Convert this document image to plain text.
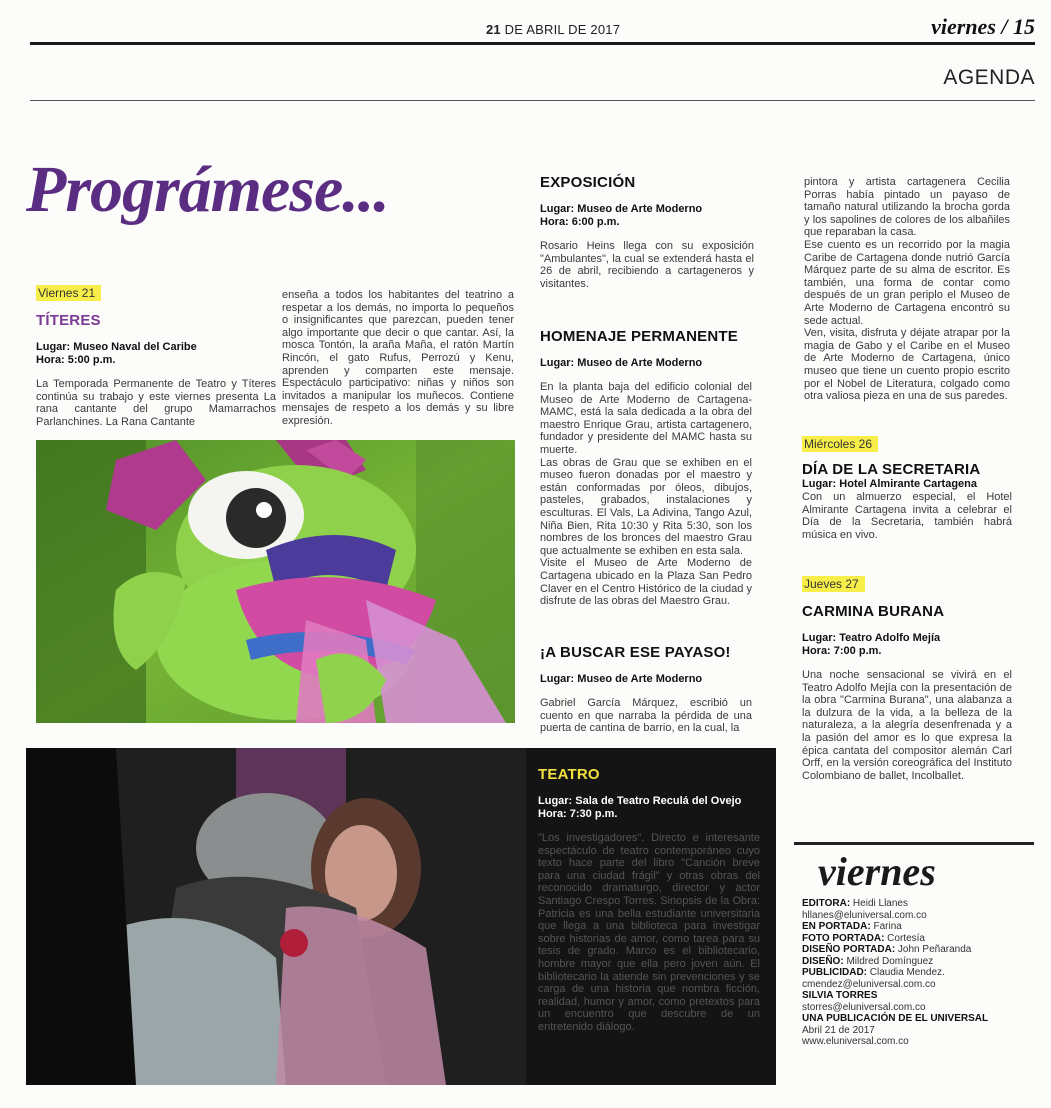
21 DE ABRIL DE 2017	viernes / 15
AGENDA
Prográmese...
Viernes 21
TÍTERES
Lugar: Museo Naval del Caribe
Hora: 5:00 p.m.
La Temporada Permanente de Teatro y Títeres continúa su trabajo y este viernes presenta La rana cantante del grupo Mamarrachos Parlanchines. La Rana Cantante
enseña a todos los habitantes del teatrino a respetar a los demás, no importa lo pequeños o insignificantes que parezcan, pueden tener algo importante que decir o que cantar. Así, la mosca Tontón, la araña Maña, el ratón Martín Rincón, el gato Rufus, Perrozú y Kenu, aprenden y comparten este mensaje. Espectáculo participativo: niñas y niños son invitados a manipular los muñecos. Contiene mensajes de respeto a los demás y su libre expresión.
EXPOSICIÓN
Lugar: Museo de Arte Moderno
Hora: 6:00 p.m.
Rosario Heins llega con su exposición "Ambulantes", la cual se extenderá hasta el 26 de abril, recibiendo a cartageneros y visitantes.
HOMENAJE PERMANENTE
Lugar: Museo de Arte Moderno
En la planta baja del edificio colonial del Museo de Arte Moderno de Cartagena-MAMC, está la sala dedicada a la obra del maestro Enrique Grau, artista cartagenero, fundador y presidente del MAMC hasta su muerte.
Las obras de Grau que se exhiben en el museo fueron donadas por el maestro y están conformadas por óleos, dibujos, pasteles, grabados, instalaciones y esculturas. El Vals, La Adivina, Tango Azul, Niña Bien, Rita 10:30 y Rita 5:30, son los nombres de los bronces del maestro Grau que actualmente se exhiben en esta sala.
Visite el Museo de Arte Moderno de Cartagena ubicado en la Plaza San Pedro Claver en el Centro Histórico de la ciudad y disfrute de las obras del Maestro Grau.
¡A BUSCAR ESE PAYASO!
Lugar: Museo de Arte Moderno
Gabriel García Márquez, escribió un cuento en que narraba la pérdida de una puerta de cantina de barrio, en la cual, la
pintora y artista cartagenera Cecilia Porras había pintado un payaso de tamaño natural utilizando la brocha gorda y los sapolines de colores de los albañiles que reparaban la casa.
Ese cuento es un recorrido por la magia Caribe de Cartagena donde nutrió García Márquez parte de su alma de escritor. Es también, una forma de contar como después de un gran periplo el Museo de Arte Moderno de Cartagena encontró su sede actual.
Ven, visita, disfruta y déjate atrapar por la magia de Gabo y el Caribe en el Museo de Arte Moderno de Cartagena, único museo que tiene un cuento propio escrito por el Nobel de Literatura, colgado como otra valiosa pieza en una de sus paredes.
Miércoles 26
DÍA DE LA SECRETARIA
Lugar: Hotel Almirante Cartagena
Con un almuerzo especial, el Hotel Almirante Cartagena invita a celebrar el Día de la Secretaria, también habrá música en vivo.
Jueves 27
CARMINA BURANA
Lugar: Teatro Adolfo Mejía
Hora: 7:00 p.m.
Una noche sensacional se vivirá en el Teatro Adolfo Mejía con la presentación de la obra "Carmina Burana", una alabanza a la dulzura de la vida, a la belleza de la naturaleza, a la alegría desenfrenada y a la pasión del amor es lo que expresa la épica cantata del compositor alemán Carl Orff, en la versión coreográfica del Instituto Colombiano de ballet, Incolballet.
TEATRO
Lugar: Sala de Teatro Reculá del Ovejo
Hora: 7:30 p.m.
"Los investigadores". Directo e interesante espectáculo de teatro contemporáneo cuyo texto hace parte del libro "Canción breve para una ciudad frágil" y otras obras del reconocido dramaturgo, director y actor Santiago Crespo Torres. Sinopsis de la Obra: Patricia es una bella estudiante universitaria que llega a una biblioteca para investigar sobre historias de amor, como tarea para su tesis de grado. Marco es el bibliotecario, hombre mayor que ella pero joven aún. El bibliotecario la atiende sin prevenciones y se carga de una historia que nombra ficción, realidad, humor y amor, como pretextos para un encuentro que descubre de un entretenido diálogo.
viernes
EDITORA: Heidi Llanes
hllanes@eluniversal.com.co
EN PORTADA: Farina
FOTO PORTADA: Cortesía
DISEÑO PORTADA: John Peñaranda
DISEÑO: Mildred Domínguez
PUBLICIDAD: Claudia Mendez.
cmendez@eluniversal.com.co
SILVIA TORRES
storres@eluniversal.com.co
UNA PUBLICACIÓN DE EL UNIVERSAL
Abril 21 de 2017
www.eluniversal.com.co
